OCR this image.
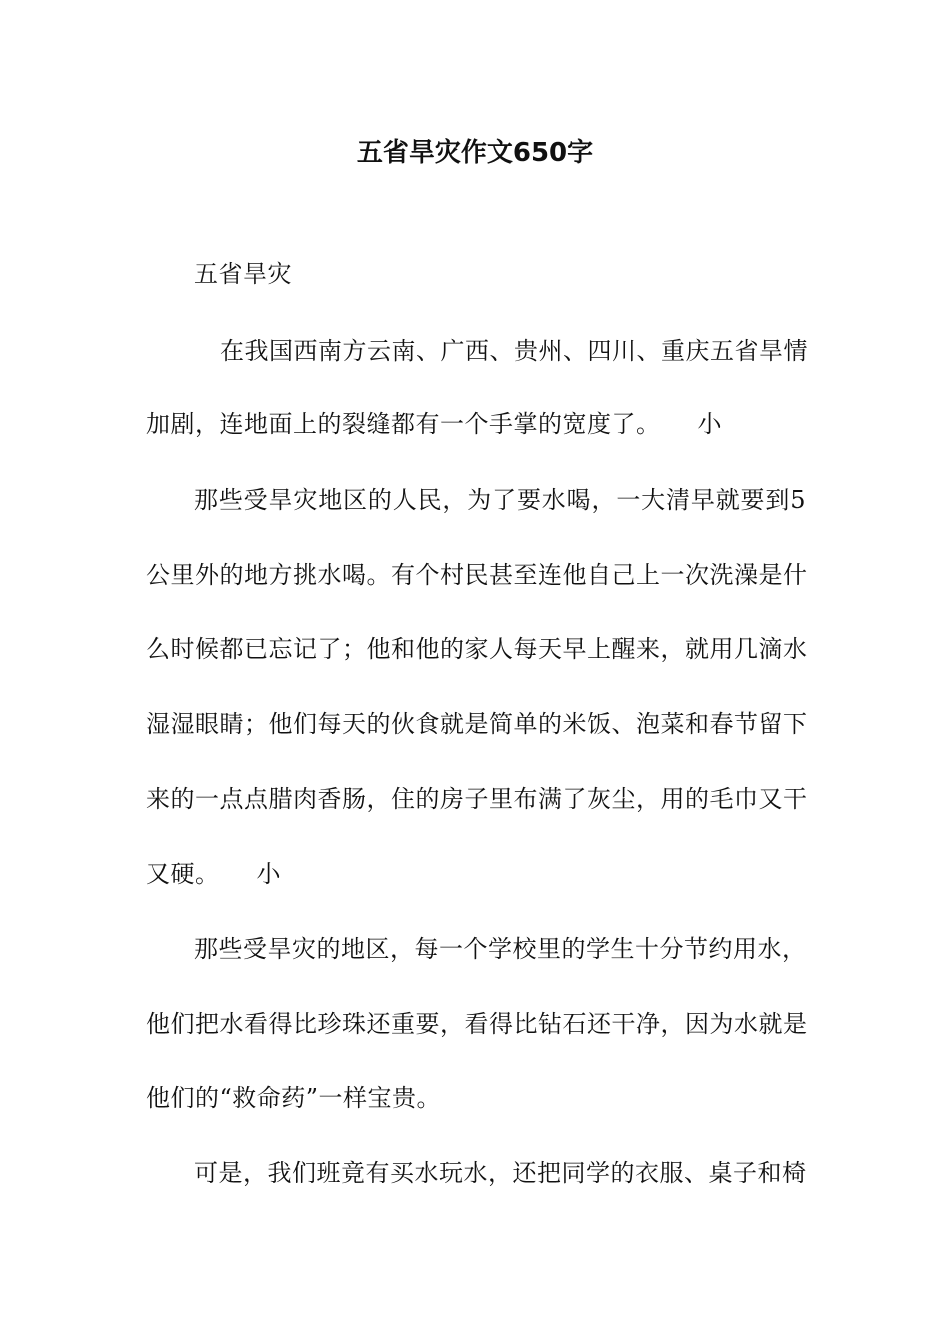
五省旱灾作文650字
五省旱灾
在我国西南方云南、广西、贵州、四川、重庆五省旱情
加剧，连地面上的裂缝都有一个手掌的宽度了。　　小
那些受旱灾地区的人民，为了要水喝，一大清早就要到5
公里外的地方挑水喝。有个村民甚至连他自己上一次洗澡是什
么时候都已忘记了；他和他的家人每天早上醒来，就用几滴水
湿湿眼睛；他们每天的伙食就是简单的米饭、泡菜和春节留下
来的一点点腊肉香肠，住的房子里布满了灰尘，用的毛巾又干
又硬。　　小
那些受旱灾的地区，每一个学校里的学生十分节约用水，
他们把水看得比珍珠还重要，看得比钻石还干净，因为水就是
他们的“救命药”一样宝贵。
可是，我们班竟有买水玩水，还把同学的衣服、桌子和椅
